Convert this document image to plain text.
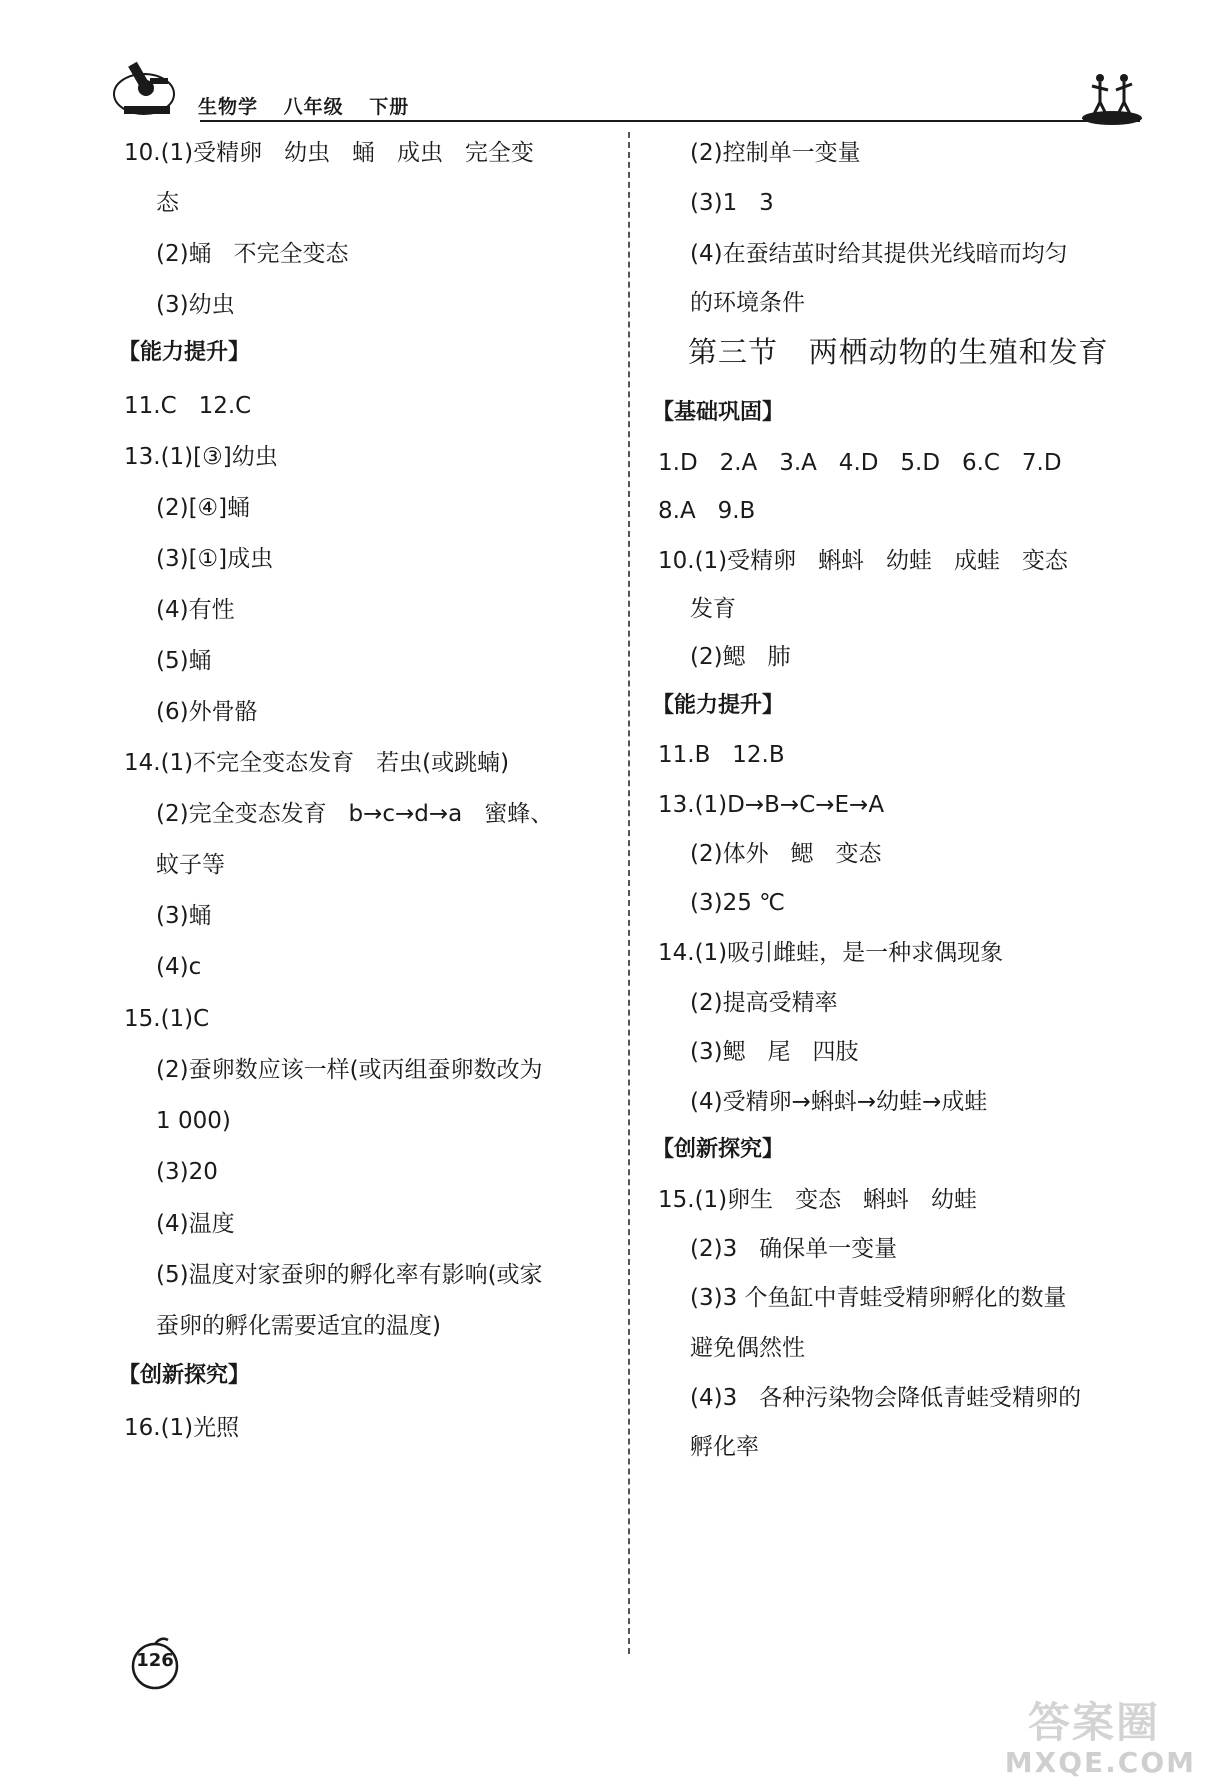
生物学 八年级 下册
10.(1)受精卵   幼虫   蛹   成虫   完全变
态
(2)蛹   不完全变态
(3)幼虫
【能力提升】
11.C   12.C
13.(1)[③]幼虫
(2)[④]蛹
(3)[①]成虫
(4)有性
(5)蛹
(6)外骨骼
14.(1)不完全变态发育   若虫(或跳蝻)
(2)完全变态发育   b→c→d→a   蜜蜂、
蚊子等
(3)蛹
(4)c
15.(1)C
(2)蚕卵数应该一样(或丙组蚕卵数改为
1 000)
(3)20
(4)温度
(5)温度对家蚕卵的孵化率有影响(或家
蚕卵的孵化需要适宜的温度)
【创新探究】
16.(1)光照
(2)控制单一变量
(3)1   3
(4)在蚕结茧时给其提供光线暗而均匀
的环境条件
第三节   两栖动物的生殖和发育
【基础巩固】
1.D   2.A   3.A   4.D   5.D   6.C   7.D
8.A   9.B
10.(1)受精卵   蝌蚪   幼蛙   成蛙   变态
发育
(2)鳃   肺
【能力提升】
11.B   12.B
13.(1)D→B→C→E→A
(2)体外   鳃   变态
(3)25 ℃
14.(1)吸引雌蛙，是一种求偶现象
(2)提高受精率
(3)鳃   尾   四肢
(4)受精卵→蝌蚪→幼蛙→成蛙
【创新探究】
15.(1)卵生   变态   蝌蚪   幼蛙
(2)3   确保单一变量
(3)3 个鱼缸中青蛙受精卵孵化的数量
避免偶然性
(4)3   各种污染物会降低青蛙受精卵的
孵化率
126
答案圈
MXQE.COM
